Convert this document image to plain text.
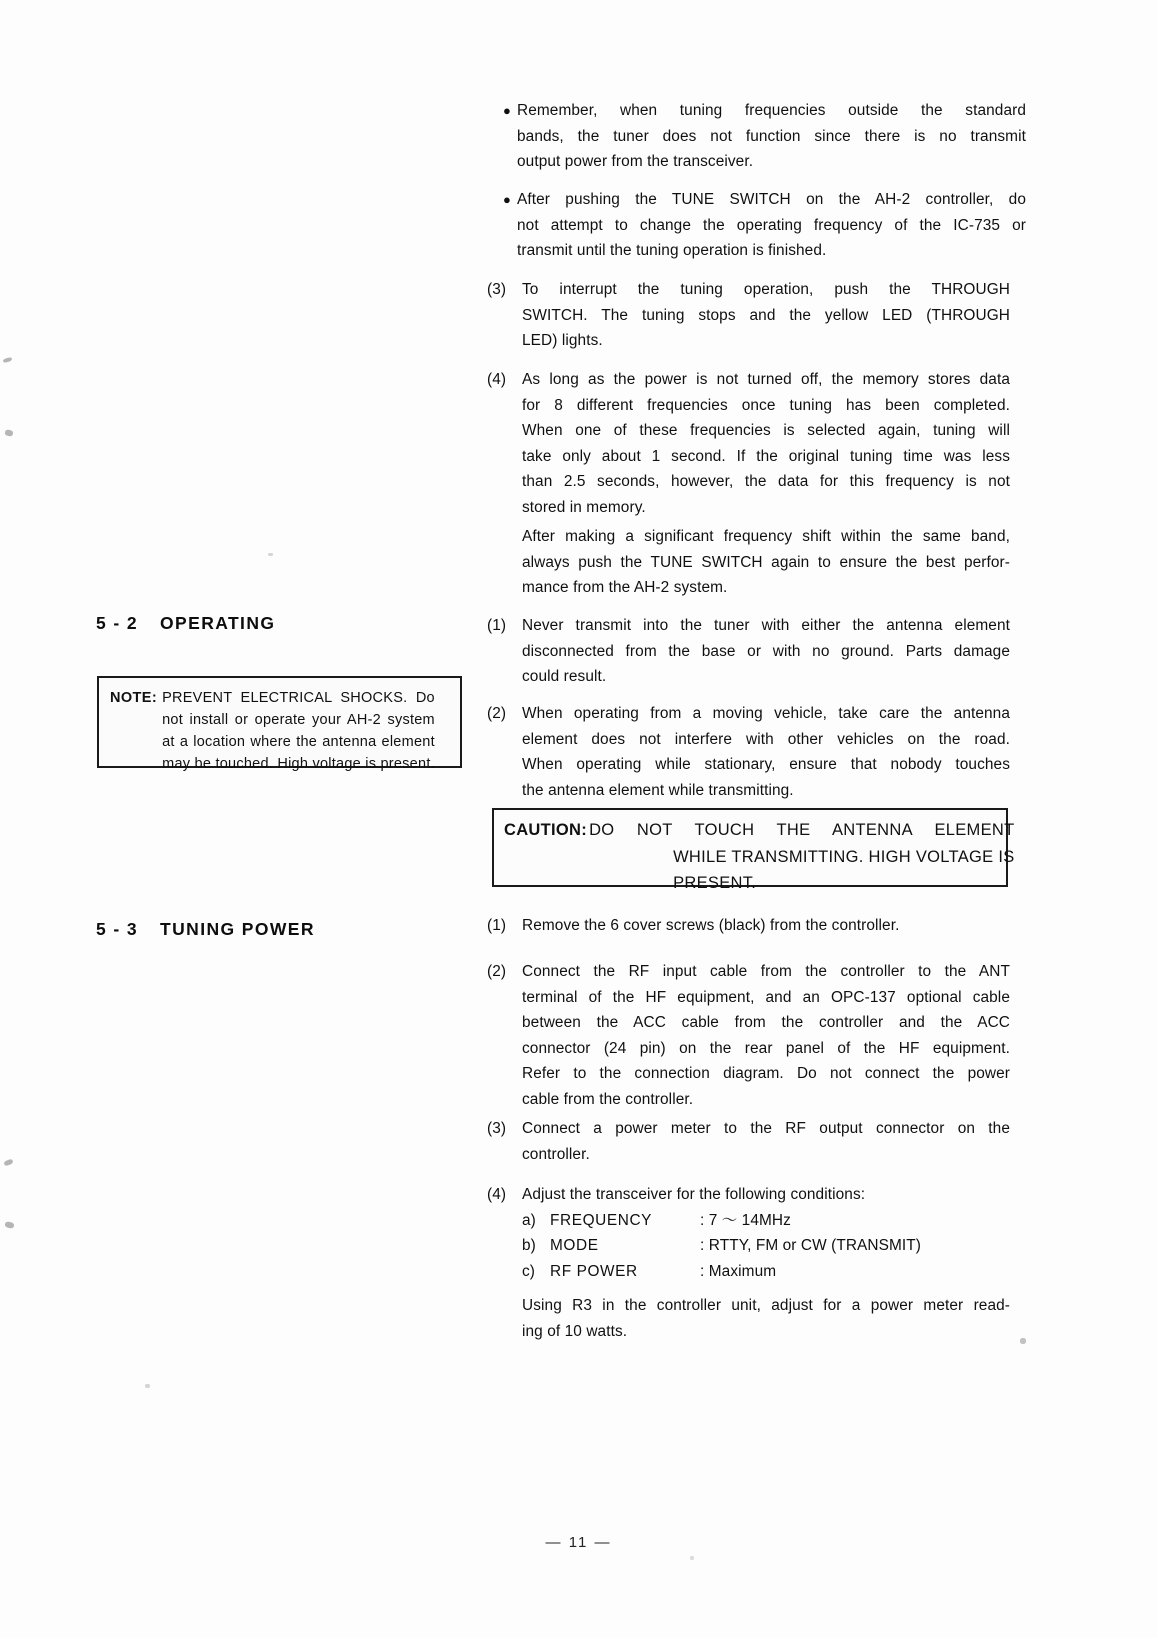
5 - 2 OPERATING
NOTE: PREVENT ELECTRICAL SHOCKS. Do
not install or operate your AH-2 system
at a location where the antenna element
may be touched. High voltage is present.
5 - 3 TUNING POWER
● Remember, when tuning frequencies outside the standard
bands, the tuner does not function since there is no transmit
output power from the transceiver.
● After pushing the TUNE SWITCH on the AH-2 controller, do
not attempt to change the operating frequency of the IC-735 or
transmit until the tuning operation is finished.
(3)	To interrupt the tuning operation, push the THROUGH
SWITCH. The tuning stops and the yellow LED (THROUGH
LED) lights.
(4)	As long as the power is not turned off, the memory stores data
for 8 different frequencies once tuning has been completed.
When one of these frequencies is selected again, tuning will
take only about 1 second. If the original tuning time was less
than 2.5 seconds, however, the data for this frequency is not
stored in memory.
After making a significant frequency shift within the same band,
always push the TUNE SWITCH again to ensure the best perfor-
mance from the AH-2 system.
(1)	Never transmit into the tuner with either the antenna element
disconnected from the base or with no ground. Parts damage
could result.
(2)	When operating from a moving vehicle, take care the antenna
element does not interfere with other vehicles on the road.
When operating while stationary, ensure that nobody touches
the antenna element while transmitting.
CAUTION: DO NOT TOUCH THE ANTENNA ELEMENT
WHILE TRANSMITTING. HIGH VOLTAGE IS
PRESENT.
(1)	Remove the 6 cover screws (black) from the controller.
(2)	Connect the RF input cable from the controller to the ANT
terminal of the HF equipment, and an OPC-137 optional cable
between the ACC cable from the controller and the ACC
connector (24 pin) on the rear panel of the HF equipment.
Refer to the connection diagram. Do not connect the power
cable from the controller.
(3)	Connect a power meter to the RF output connector on the
controller.
(4)	Adjust the transceiver for the following conditions:
a) FREQUENCY	: 7 ～ 14MHz
b) MODE	: RTTY, FM or CW (TRANSMIT)
c) RF POWER	: Maximum
Using R3 in the controller unit, adjust for a power meter read-
ing of 10 watts.
— 11 —
